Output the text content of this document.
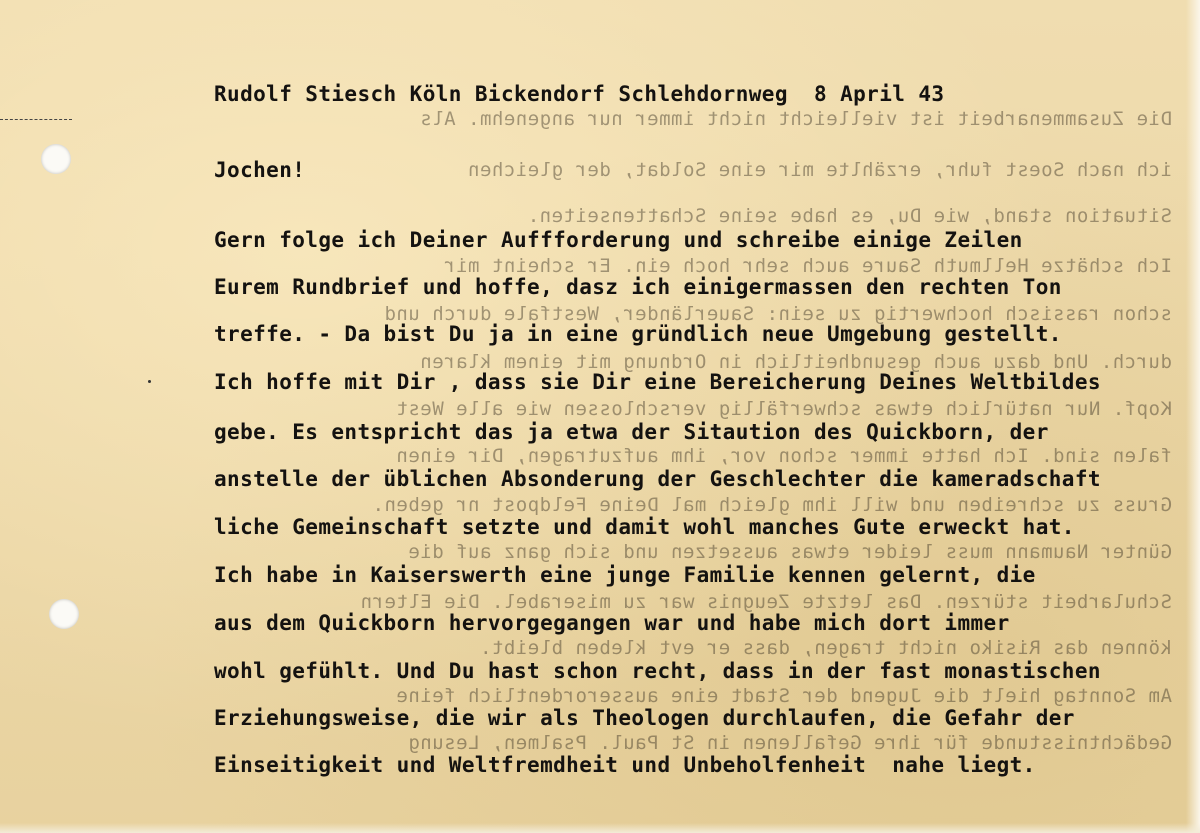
Die Zusammenarbeit ist vielleicht nicht immer nur angenehm. Als
ich nach Soest fuhr, erzählte mir eine Soldat, der gleichen
Situation stand, wie Du, es habe seine Schattenseiten.
Ich schätze Hellmuth Saure auch sehr hoch ein. Er scheint mir
schon rassisch hochwertig zu sein: Sauerländer, Westfale durch und
durch. Und dazu auch gesundheitlich in Ordnung mit einem klaren
Kopf. Nur natürlich etwas schwerfällig verschlossen wie alle West
falen sind. Ich hatte immer schon vor, ihm aufzutragen, Dir einen
Gruss zu schreiben und will ihm gleich mal Deine Feldpost nr geben.
Günter Naumann muss leider etwas aussetzen und sich ganz auf die
Schularbeit stürzen. Das letzte Zeugnis war zu miserabel. Die Eltern
können das Risiko nicht tragen, dass er evt kleben bleibt.
Am Sonntag hielt die Jugend der Stadt eine ausserordentlich feine
Gedächtnisstunde für ihre Gefallenen in St Paul. Psalmen, Lesung
Rudolf Stiesch Köln Bickendorf Schlehdornweg  8 April 43
Jochen!
Gern folge ich Deiner Auffforderung und schreibe einige Zeilen
Eurem Rundbrief und hoffe, dasz ich einigermassen den rechten Ton
treffe. - Da bist Du ja in eine gründlich neue Umgebung gestellt.
Ich hoffe mit Dir , dass sie Dir eine Bereicherung Deines Weltbildes
gebe. Es entspricht das ja etwa der Sitaution des Quickborn, der
anstelle der üblichen Absonderung der Geschlechter die kameradschaft
liche Gemeinschaft setzte und damit wohl manches Gute erweckt hat.
Ich habe in Kaiserswerth eine junge Familie kennen gelernt, die
aus dem Quickborn hervorgegangen war und habe mich dort immer
wohl gefühlt. Und Du hast schon recht, dass in der fast monastischen
Erziehungsweise, die wir als Theologen durchlaufen, die Gefahr der
Einseitigkeit und Weltfremdheit und Unbeholfenheit  nahe liegt.
